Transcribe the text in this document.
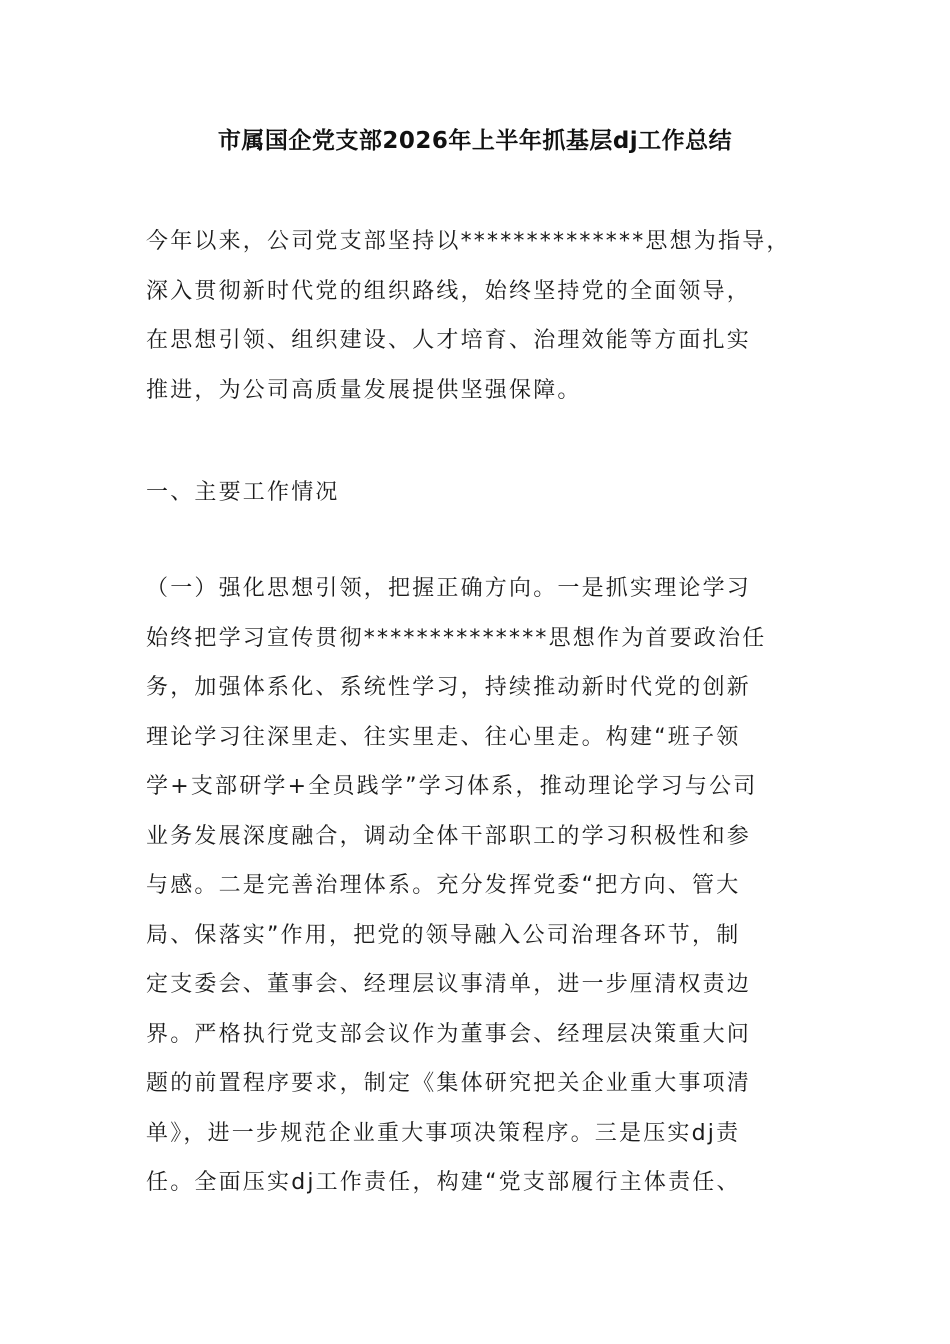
市属国企党支部2026年上半年抓基层dj工作总结
今年以来，公司党支部坚持以**************思想为指导，
深入贯彻新时代党的组织路线，始终坚持党的全面领导，
在思想引领、组织建设、人才培育、治理效能等方面扎实
推进，为公司高质量发展提供坚强保障。
一、主要工作情况
（一）强化思想引领，把握正确方向。一是抓实理论学习
始终把学习宣传贯彻**************思想作为首要政治任
务，加强体系化、系统性学习，持续推动新时代党的创新
理论学习往深里走、往实里走、往心里走。构建“班子领
学+支部研学+全员践学”学习体系，推动理论学习与公司
业务发展深度融合，调动全体干部职工的学习积极性和参
与感。二是完善治理体系。充分发挥党委“把方向、管大
局、保落实”作用，把党的领导融入公司治理各环节，制
定支委会、董事会、经理层议事清单，进一步厘清权责边
界。严格执行党支部会议作为董事会、经理层决策重大问
题的前置程序要求，制定《集体研究把关企业重大事项清
单》，进一步规范企业重大事项决策程序。三是压实dj责
任。全面压实dj工作责任，构建“党支部履行主体责任、
